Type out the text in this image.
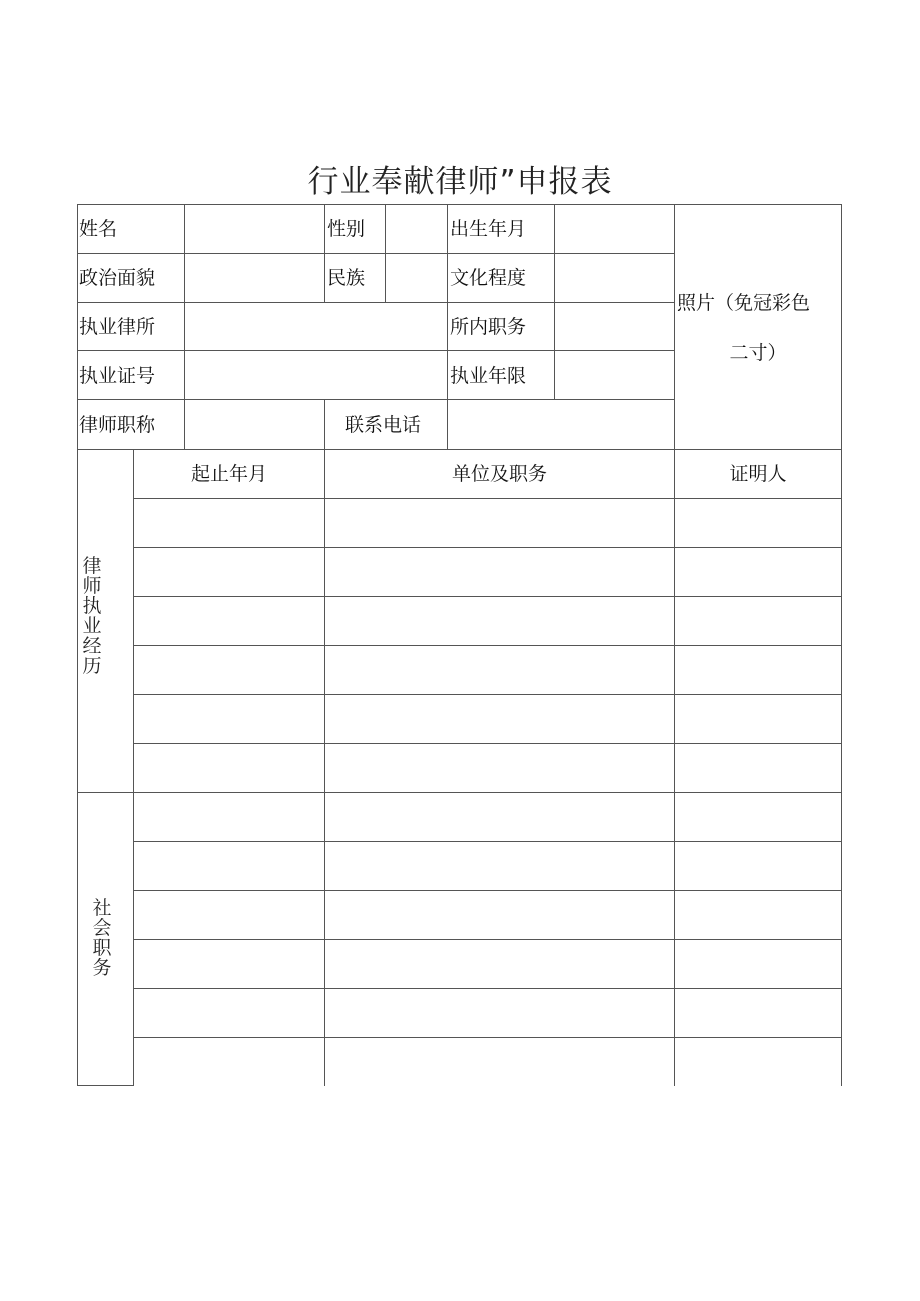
行业奉献律师”申报表
姓名	性别	出生年月
政治面貌	民族	文化程度
执业律所	所内职务
执业证号	执业年限
律师职称	联系电话
照片（免冠彩色
二寸）
起止年月	单位及职务	证明人
律师执业经历
社会职务
